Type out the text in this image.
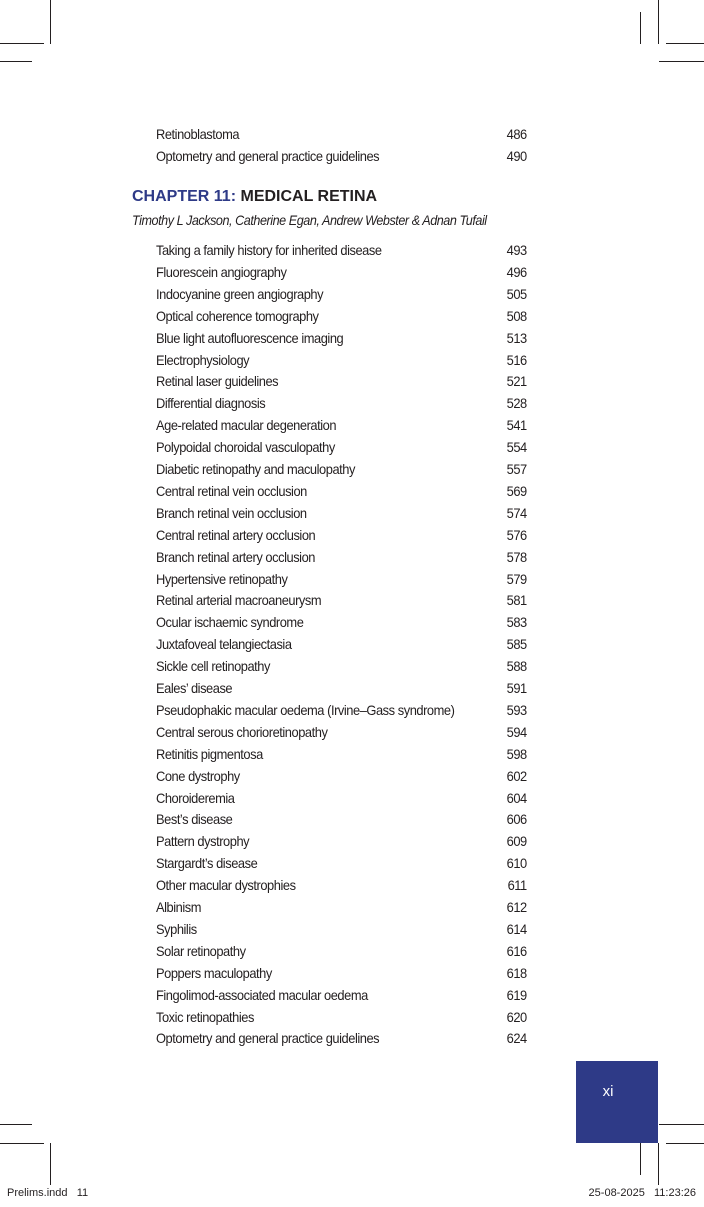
Retinoblastoma	486
Optometry and general practice guidelines	490
CHAPTER 11: MEDICAL RETINA
Timothy L Jackson, Catherine Egan, Andrew Webster & Adnan Tufail
Taking a family history for inherited disease	493
Fluorescein angiography	496
Indocyanine green angiography	505
Optical coherence tomography	508
Blue light autofluorescence imaging	513
Electrophysiology	516
Retinal laser guidelines	521
Differential diagnosis	528
Age-related macular degeneration	541
Polypoidal choroidal vasculopathy	554
Diabetic retinopathy and maculopathy	557
Central retinal vein occlusion	569
Branch retinal vein occlusion	574
Central retinal artery occlusion	576
Branch retinal artery occlusion	578
Hypertensive retinopathy	579
Retinal arterial macroaneurysm	581
Ocular ischaemic syndrome	583
Juxtafoveal telangiectasia	585
Sickle cell retinopathy	588
Eales’ disease	591
Pseudophakic macular oedema (Irvine–Gass syndrome)	593
Central serous chorioretinopathy	594
Retinitis pigmentosa	598
Cone dystrophy	602
Choroideremia	604
Best’s disease	606
Pattern dystrophy	609
Stargardt’s disease	610
Other macular dystrophies	611
Albinism	612
Syphilis	614
Solar retinopathy	616
Poppers maculopathy	618
Fingolimod-associated macular oedema	619
Toxic retinopathies	620
Optometry and general practice guidelines	624
xi
Prelims.indd   11	25-08-2025   11:23:26
